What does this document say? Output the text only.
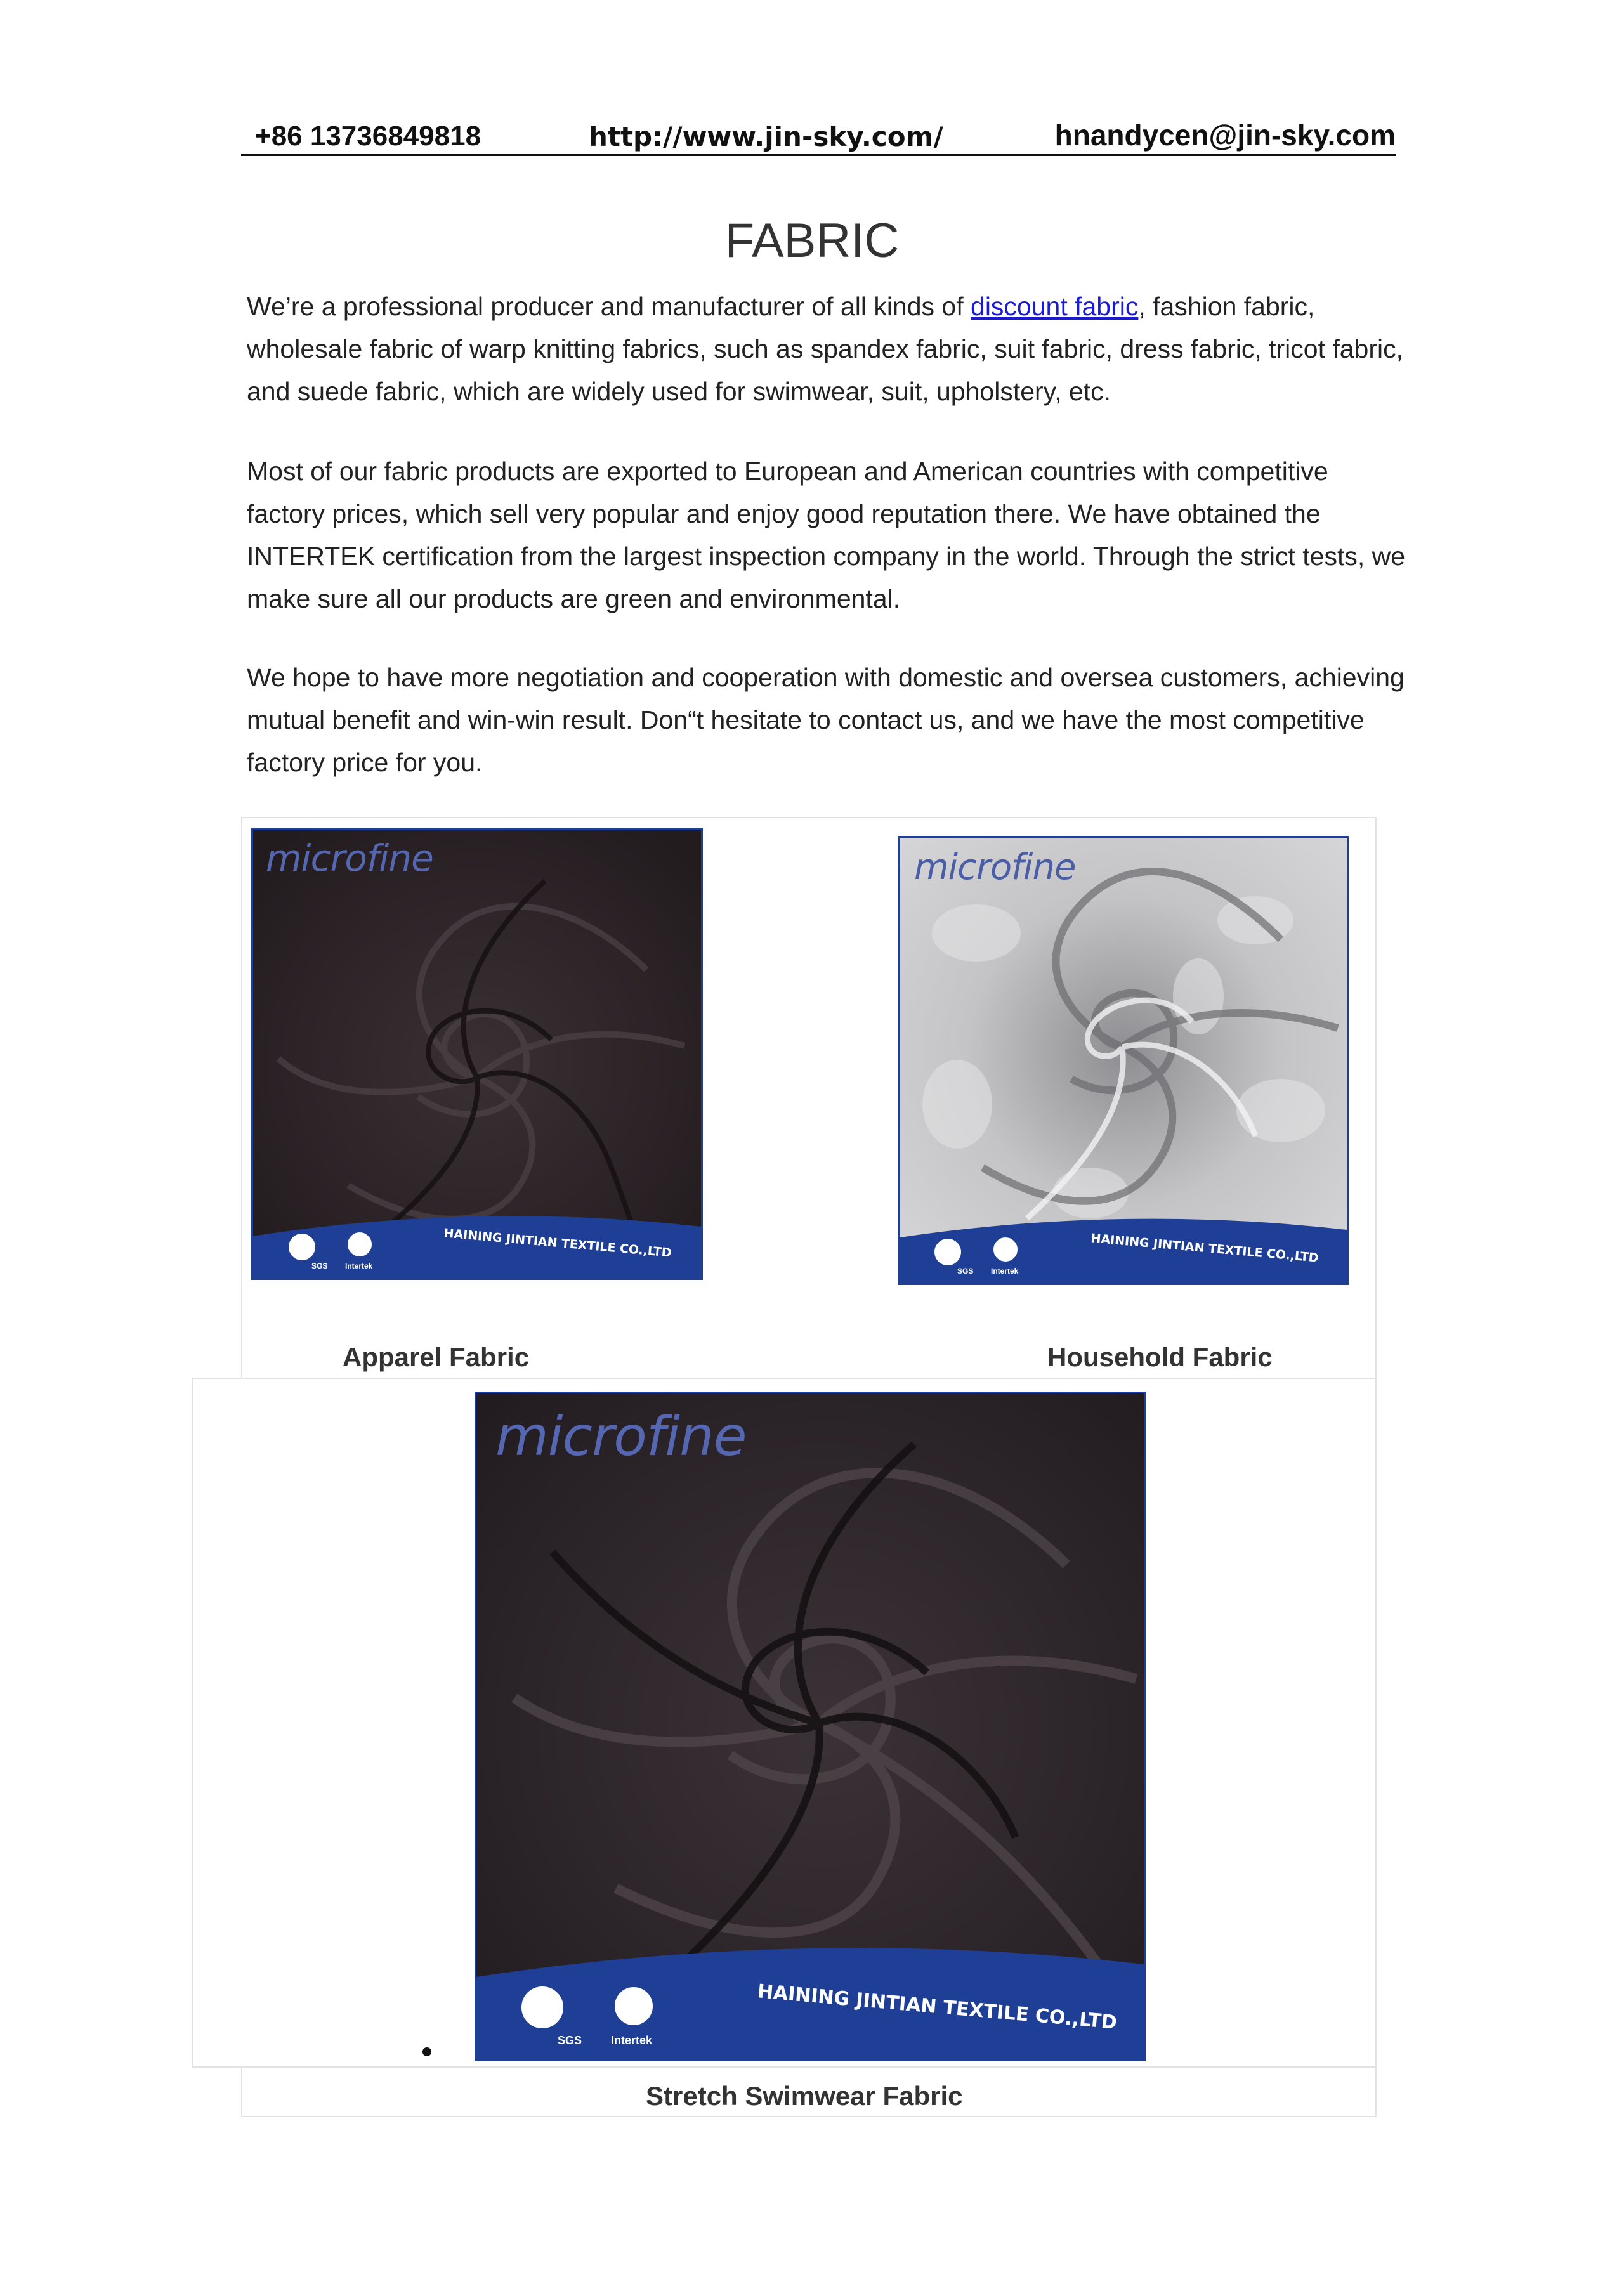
+86 13736849818	http://www.jin-sky.com/	hnandycen@jin-sky.com
FABRIC

We’re a professional producer and manufacturer of all kinds of discount fabric, fashion fabric, wholesale fabric of warp knitting fabrics, such as spandex fabric, suit fabric, dress fabric, tricot fabric, and suede fabric, which are widely used for swimwear, suit, upholstery, etc.

Most of our fabric products are exported to European and American countries with competitive factory prices, which sell very popular and enjoy good reputation there. We have obtained the INTERTEK certification from the largest inspection company in the world. Through the strict tests, we make sure all our products are green and environmental.

We hope to have more negotiation and cooperation with domestic and oversea customers, achieving mutual benefit and win-win result. Don“t hesitate to contact us, and we have the most competitive factory price for you.

microfine
SGS Intertek
HAINING JINTIAN TEXTILE CO.,LTD
Apparel Fabric
microfine
SGS Intertek
HAINING JINTIAN TEXTILE CO.,LTD
Household Fabric
microfine
SGS	Intertek
HAINING JINTIAN TEXTILE CO.,LTD
Stretch Swimwear Fabric
